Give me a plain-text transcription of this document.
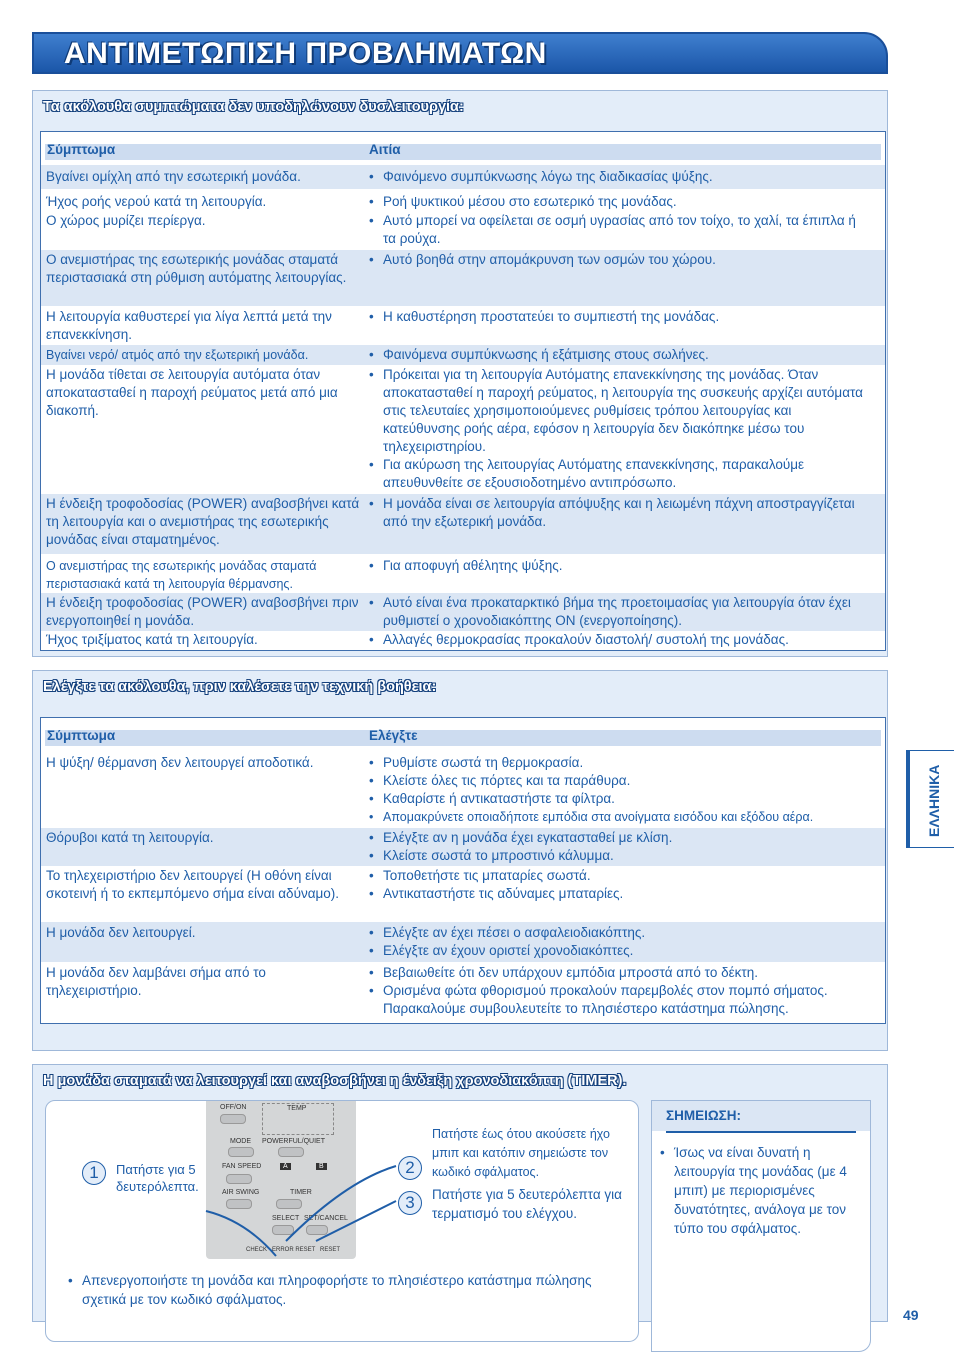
ΑΝΤΙΜΕΤΩΠΙΣΗ ΠΡΟΒΛΗΜΑΤΩΝ
Τα ακόλουθα συμπτώματα δεν υποδηλώνουν δυσλειτουργία:
Σύμπτωμα	Αιτία
Βγαίνει ομίχλη από την εσωτερική μονάδα.	• Φαινόμενο συμπύκνωσης λόγω της διαδικασίας ψύξης.
Ήχος ροής νερού κατά τη λειτουργία.	• Ροή ψυκτικού μέσου στο εσωτερικό της μονάδας.
Ο χώρος μυρίζει περίεργα.	• Αυτό μπορεί να οφείλεται σε οσμή υγρασίας από τον τοίχο, το χαλί, τα έπιπλα ή τα ρούχα.
Ο ανεμιστήρας της εσωτερικής μονάδας σταματά περιστασιακά στη ρύθμιση αυτόματης λειτουργίας.
• Αυτό βοηθά στην απομάκρυνση των οσμών του χώρου.
Η λειτουργία καθυστερεί για λίγα λεπτά μετά την επανεκκίνηση.
• Η καθυστέρηση προστατεύει το συμπιεστή της μονάδας.
Βγαίνει νερό/ ατμός από την εξωτερική μονάδα.	• Φαινόμενα συμπύκνωσης ή εξάτμισης στους σωλήνες.
Η μονάδα τίθεται σε λειτουργία αυτόματα όταν αποκατασταθεί η παροχή ρεύματος μετά από μια διακοπή.
• Πρόκειται για τη λειτουργία Αυτόματης επανεκκίνησης της μονάδας. Όταν αποκατασταθεί η παροχή ρεύματος, η λειτουργία της συσκευής αρχίζει αυτόματα στις τελευταίες χρησιμοποιούμενες ρυθμίσεις τρόπου λειτουργίας και κατεύθυνσης ροής αέρα, εφόσον η λειτουργία δεν διακόπηκε μέσω του τηλεχειριστηρίου.
• Για ακύρωση της λειτουργίας Αυτόματης επανεκκίνησης, παρακαλούμε απευθυνθείτε σε εξουσιοδοτημένο αντιπρόσωπο.
Η ένδειξη τροφοδοσίας (POWER) αναβοσβήνει κατά τη λειτουργία και ο ανεμιστήρας της εσωτερικής μονάδας είναι σταματημένος.
• Η μονάδα είναι σε λειτουργία απόψυξης και η λειωμένη πάχνη αποστραγγίζεται από την εξωτερική μονάδα.
Ο ανεμιστήρας της εσωτερικής μονάδας σταματά περιστασιακά κατά τη λειτουργία θέρμανσης.
• Για αποφυγή αθέλητης ψύξης.
Η ένδειξη τροφοδοσίας (POWER) αναβοσβήνει πριν ενεργοποιηθεί η μονάδα.
• Αυτό είναι ένα προκαταρκτικό βήμα της προετοιμασίας για λειτουργία όταν έχει ρυθμιστεί ο χρονοδιακόπτης ON (ενεργοποίησης).
Ήχος τριξίματος κατά τη λειτουργία.	• Αλλαγές θερμοκρασίας προκαλούν διαστολή/ συστολή της μονάδας.
Ελέγξτε τα ακόλουθα, πριν καλέσετε την τεχνική βοήθεια:
Σύμπτωμα	Ελέγξτε
Η ψύξη/ θέρμανση δεν λειτουργεί αποδοτικά.	• Ρυθμίστε σωστά τη θερμοκρασία.
• Κλείστε όλες τις πόρτες και τα παράθυρα.
• Καθαρίστε ή αντικαταστήστε τα φίλτρα.
• Απομακρύνετε οποιαδήποτε εμπόδια στα ανοίγματα εισόδου και εξόδου αέρα.
Θόρυβοι κατά τη λειτουργία.	• Ελέγξτε αν η μονάδα έχει εγκατασταθεί με κλίση.
• Κλείστε σωστά το μπροστινό κάλυμμα.
Το τηλεχειριστήριο δεν λειτουργεί (Η οθόνη είναι σκοτεινή ή το εκπεμπόμενο σήμα είναι αδύναμο).
• Τοποθετήστε τις μπαταρίες σωστά.
• Αντικαταστήστε τις αδύναμες μπαταρίες.
Η μονάδα δεν λειτουργεί.	• Ελέγξτε αν έχει πέσει ο ασφαλειοδιακόπτης.
• Ελέγξτε αν έχουν οριστεί χρονοδιακόπτες.
Η μονάδα δεν λαμβάνει σήμα από το τηλεχειριστήριο.
• Βεβαιωθείτε ότι δεν υπάρχουν εμπόδια μπροστά από το δέκτη.
• Ορισμένα φώτα φθορισμού προκαλούν παρεμβολές στον πομπό σήματος. Παρακαλούμε συμβουλευτείτε το πλησιέστερο κατάστημα πώλησης.
ΕΛΛΗΝΙΚΑ
Η μονάδα σταματά να λειτουργεί και αναβοσβήνει η ένδειξη χρονοδιακόπτη (TIMER).
OFF/ON	TEMP
MODE POWERFUL/QUIET
FAN SPEED	A	B
AIR SWING	TIMER
SELECT SET/CANCEL
CHECK ERROR RESET RESET
1	Πατήστε για 5 δευτερόλεπτα.
2
Πατήστε έως ότου ακούσετε ήχο μπιπ και κατόπιν σημειώστε τον κωδικό σφάλματος.
3	Πατήστε για 5 δευτερόλεπτα για τερματισμό του ελέγχου.
• Απενεργοποιήστε τη μονάδα και πληροφορήστε το πλησιέστερο κατάστημα πώλησης σχετικά με τον κωδικό σφάλματος.
ΣΗΜΕΙΩΣΗ:
• Ίσως να είναι δυνατή η λειτουργία της μονάδας (με 4 μπιπ) με περιορισμένες δυνατότητες, ανάλογα με τον τύπο του σφάλματος.
49
